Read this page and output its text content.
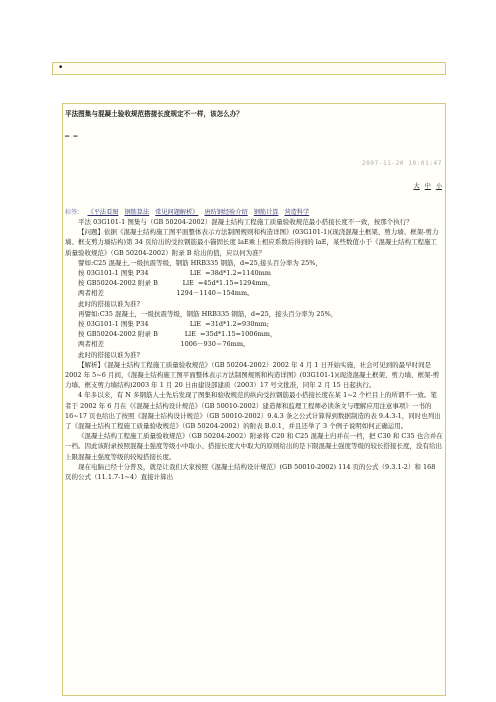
•
平法图集与混凝土验收规范搭接长度规定不一样，该怎么办？
— —
2007-11-20 19:01:47
大 中 小
标签： 《平法看图 钢筋算法 常见问题解析》 唐纺钢经验介绍 钢筋计算 营造科学

平法 03G101-1 图集与（GB 50204-2002）混凝土结构工程施工质量验收规范最小搭接长度不一致，按那个执行？

【问题】依据《混凝土结构施工图平面整体表示方法制图规则和构造详图》(03G101-1)(现浇混凝土框架、剪力墙、框架-剪力墙、框支剪力墙结构)第 34 页给出的受拉钢筋最小锚固长度 laE乘上相应系数后得到的 laE，某些数值小于《混凝土结构工程施工质量验收规范》（GB 50204-2002）附录 B 给出的值，应以何为准？

譬如:C25 混凝土,一级抗震等级，钢筋 HRB335 钢筋，d=25,接头百分率为 25%，

按 03G101-1 图集 P34                    LlE  =38d*1.2=1140mm

按 GB50204-2002 附录 B            LlE  =45d*1.15=1294mm，

两者相差                                   1294－1140＝154mm。

此时的搭接以谁为准?

再譬如:C35 混凝土，一级抗震等级，钢筋 HRB335 钢筋，d=25，接头百分率为 25%，

按 03G101-1 图集 P34                    LlE  =31d*1.2=930mm;

按 GB50204-2002 附录 B             LlE  =35d*1.15=1006mm，

两者相差                                     1006－930＝76mm。

此时的搭接以谁为准?

【解析】《混凝土结构工程施工质量验收规范》（GB 50204-2002）2002 年 4 月 1 日开始实施，社会可见到的最早时间是 2002 年 5~6 月间，《混凝土结构施工图平面整体表示方法制图规则和构造详图》(03G101-1)(现浇混凝土框架、剪力墙、框架-剪力墙、框支剪力墙结构)2003 年 1 月 20 日由建设部建质（2003）17 号文批准，同年 2 月 15 日起执行。

4 年多以来，有 N 多钢筋人士先后发现了图集和验收规范的纵向受拉钢筋最小搭接长度在某 1~2 个栏目上的所谓不一致。笔者于 2002 年 6 月在《《混凝土结构设计规范》（GB 50010-2002）建造师和监理工程师必读条文与理解应用注意事项》一书的 16~17 页也给出了按照《混凝土结构设计规范》（GB 50010-2002）9.4.3 条之公式计算得到数据制造的表 9.4.3-1，同时也列出了《混凝土结构工程施工质量验收规范》（GB 50204-2002）的附表 B.0.1，并且还举了 3 个例子说明如何正确运用。

《混凝土结构工程施工质量验收规范》（GB 50204-2002）附录将 C20 和 C25 混凝土归并在一档，把 C30 和 C35 也合并在一档。因此该附录按照混凝土强度等级小中取小、搭接长度大中取大的原则给出的是下限混凝土强度等级的较长搭接长度，没有给出上限混凝土强度等级的较短搭接长度。

现在电脑已经十分普及，就是让我们大家按照《混凝土结构设计规范》(GB 50010-2002) 114 页的公式（9.3.1-2）和 168 页的公式（11.1.7-1~4）直接计算出
